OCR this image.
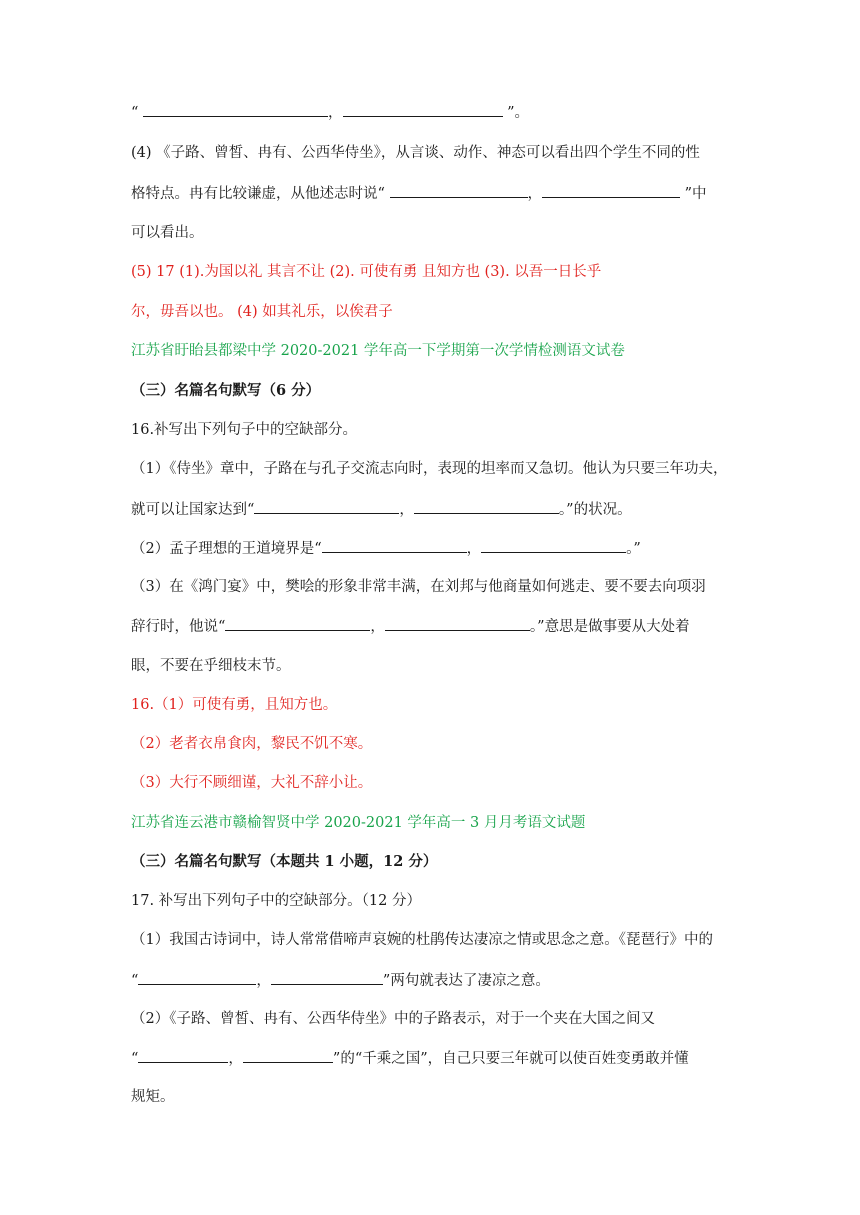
“	，	”。
(4) 《子路、曾皙、冉有、公西华侍坐》，从言谈、动作、神态可以看出四个学生不同的性
格特点。冉有比较谦虚，从他述志时说“	，	”中
可以看出。
(5) 17 (1).为国以礼 其言不让 (2). 可使有勇 且知方也 (3). 以吾一日长乎
尔，毋吾以也。 (4) 如其礼乐，以俟君子
江苏省盱眙县都梁中学 2020-2021 学年高一下学期第一次学情检测语文试卷
（三）名篇名句默写（6 分）
16.补写出下列句子中的空缺部分。
（1）《侍坐》章中，子路在与孔子交流志向时，表现的坦率而又急切。他认为只要三年功夫，
就可以让国家达到“	，	。”的状况。
（2）孟子理想的王道境界是“	，	。”
（3）在《鸿门宴》中，樊哙的形象非常丰满，在刘邦与他商量如何逃走、要不要去向项羽
辞行时，他说“	，	。”意思是做事要从大处着
眼，不要在乎细枝末节。
16.（1）可使有勇，且知方也。
（2）老者衣帛食肉，黎民不饥不寒。
（3）大行不顾细谨，大礼不辞小让。
江苏省连云港市赣榆智贤中学 2020-2021 学年高一 3 月月考语文试题
（三）名篇名句默写（本题共 1 小题，12 分）
17. 补写出下列句子中的空缺部分。（12 分）
（1）我国古诗词中，诗人常常借啼声哀婉的杜鹃传达凄凉之情或思念之意。《琵琶行》中的
“	，	”两句就表达了凄凉之意。
（2）《子路、曾皙、冉有、公西华侍坐》中的子路表示，对于一个夹在大国之间又
“	，	”的“千乘之国”，自己只要三年就可以使百姓变勇敢并懂
规矩。
